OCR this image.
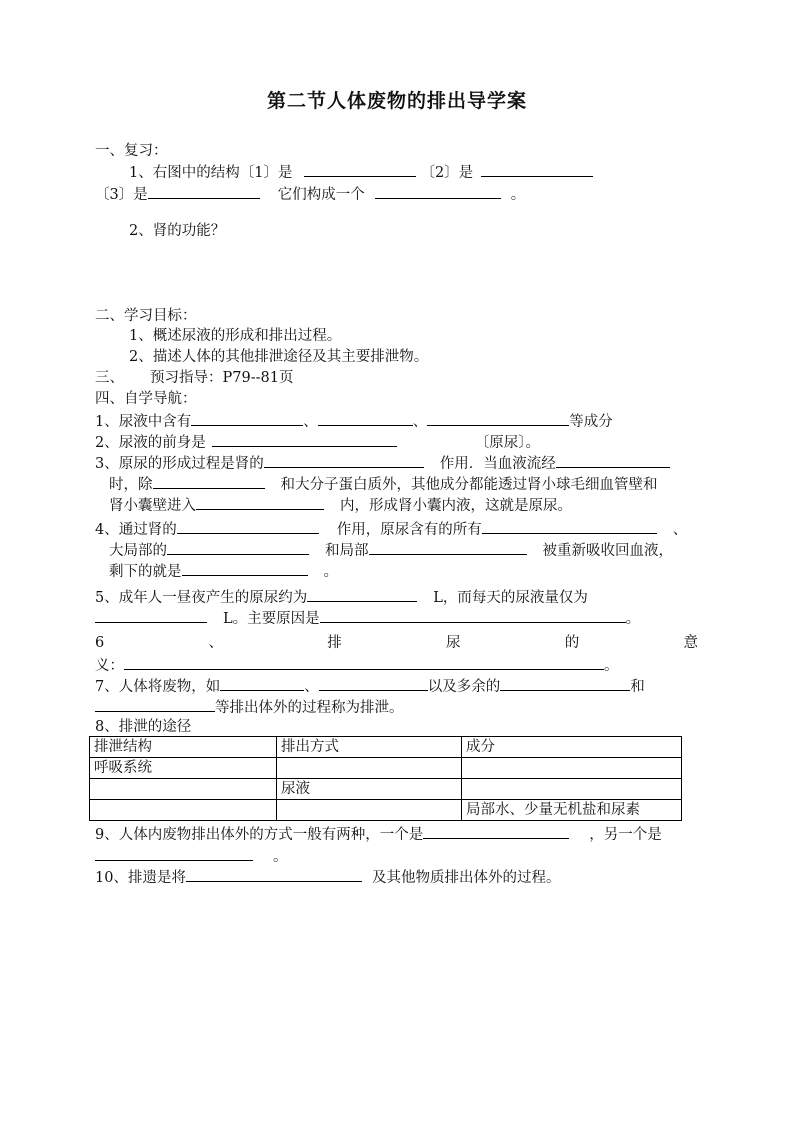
第二节人体废物的排出导学案
一、复习：
1、右图中的结构〔1〕是	〔2〕是
〔3〕是	它们构成一个	。
2、肾的功能？
二、学习目标：
1、概述尿液的形成和排出过程。
2、描述人体的其他排泄途径及其主要排泄物。
三、 预习指导：P79--81页
四、自学导航：
1、尿液中含有	、	、	等成分
2、尿液的前身是	〔原尿〕。
3、原尿的形成过程是肾的	作用．当血液流经
时，除	和大分子蛋白质外，其他成分都能透过肾小球毛细血管壁和
肾小囊壁进入	内，形成肾小囊内液，这就是原尿。
4、通过肾的	作用，原尿含有的所有	、
大局部的	和局部	被重新吸收回血液，
剩下的就是	。
5、成年人一昼夜产生的原尿约为	L，而每天的尿液量仅为
L。主要原因是	。
6	、	排	尿	的	意
义：	。
7、人体将废物，如	、	以及多余的	和
等排出体外的过程称为排泄。
8、排泄的途径
排泄结构	排出方式	成分
呼吸系统		
	尿液	
		局部水、少量无机盐和尿素
9、人体内废物排出体外的方式一般有两种，一个是	，另一个是
。
10、排遗是将	及其他物质排出体外的过程。
